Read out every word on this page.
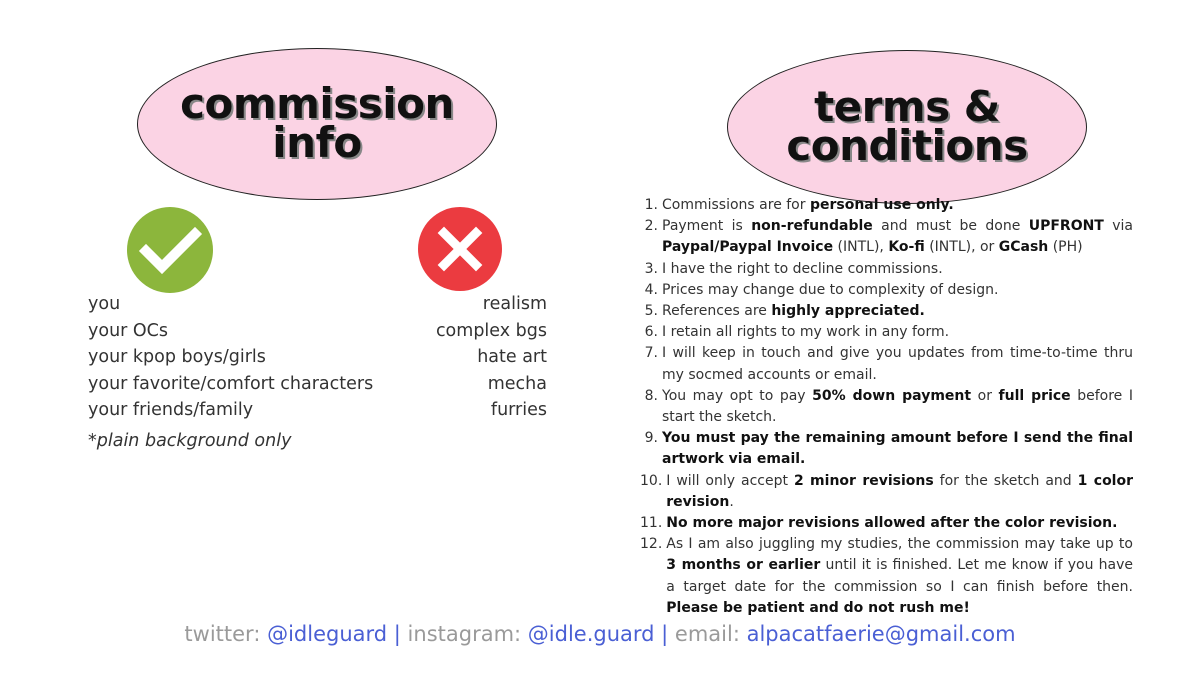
commission
info
terms &
conditions
you
your OCs
your kpop boys/girls
your favorite/comfort characters
your friends/family
realism
complex bgs
hate art
mecha
furries
*plain background only
1. Commissions are for personal use only.
2. Payment is non-refundable and must be done UPFRONT via Paypal/Paypal Invoice (INTL), Ko-fi (INTL), or GCash (PH)
3. I have the right to decline commissions.
4. Prices may change due to complexity of design.
5. References are highly appreciated.
6. I retain all rights to my work in any form.
7. I will keep in touch and give you updates from time-to-time thru my socmed accounts or email.
8. You may opt to pay 50% down payment or full price before I start the sketch.
9. You must pay the remaining amount before I send the final artwork via email.
10. I will only accept 2 minor revisions for the sketch and 1 color revision.
11. No more major revisions allowed after the color revision.
12. As I am also juggling my studies, the commission may take up to 3 months or earlier until it is finished. Let me know if you have a target date for the commission so I can finish before then. Please be patient and do not rush me!
twitter: @idleguard | instagram: @idle.guard | email: alpacatfaerie@gmail.com
